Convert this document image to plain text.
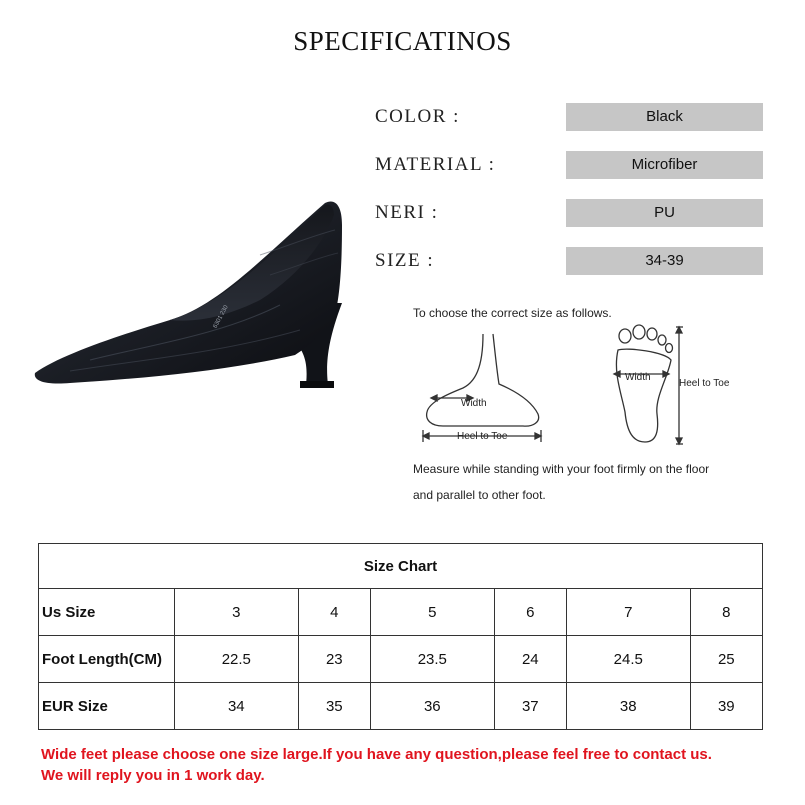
SPECIFICATINOS
COLOR :	Black
MATERIAL :	Microfiber
NERI :	PU
SIZE :	34-39
6301 230	To choose the correct size as follows.
Width
Heel to Toe
Width
Heel to Toe
Measure while standing with your foot firmly on the floor
and parallel to other foot.
Size Chart						
Us Size	3	4	5	6	7	8
Foot Length(CM)	22.5	23	23.5	24	24.5	25
EUR Size	34	35	36	37	38	39
Wide feet please choose one size large.If you have any question,please feel free to contact us.
We will reply you in 1 work day.
